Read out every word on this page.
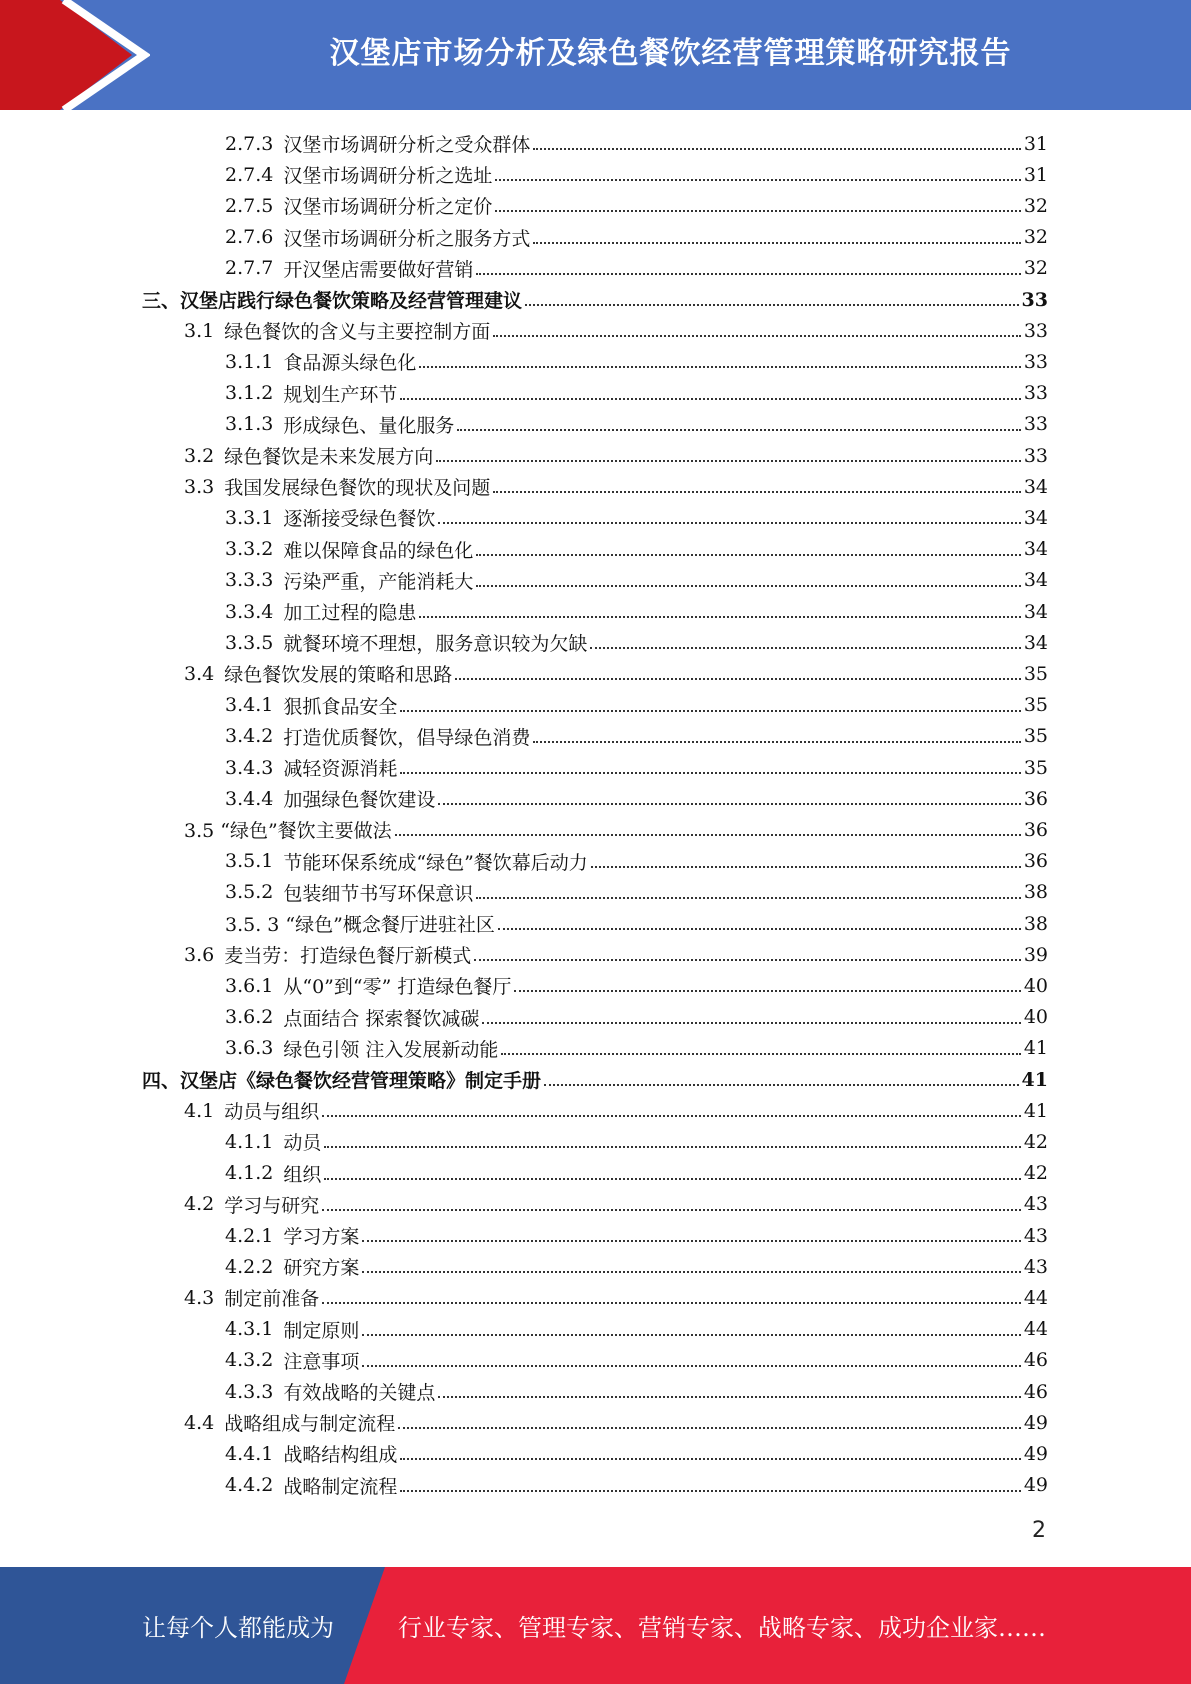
汉堡店市场分析及绿色餐饮经营管理策略研究报告
2.7.3 汉堡市场调研分析之受众群体	31
2.7.4 汉堡市场调研分析之选址	31
2.7.5 汉堡市场调研分析之定价	32
2.7.6 汉堡市场调研分析之服务方式	32
2.7.7 开汉堡店需要做好营销	32
三、汉堡店践行绿色餐饮策略及经营管理建议	33
3.1 绿色餐饮的含义与主要控制方面	33
3.1.1 食品源头绿色化	33
3.1.2 规划生产环节	33
3.1.3 形成绿色、量化服务	33
3.2 绿色餐饮是未来发展方向	33
3.3 我国发展绿色餐饮的现状及问题	34
3.3.1 逐渐接受绿色餐饮	34
3.3.2 难以保障食品的绿色化	34
3.3.3 污染严重，产能消耗大	34
3.3.4 加工过程的隐患	34
3.3.5 就餐环境不理想，服务意识较为欠缺	34
3.4 绿色餐饮发展的策略和思路	35
3.4.1 狠抓食品安全	35
3.4.2 打造优质餐饮，倡导绿色消费	35
3.4.3 减轻资源消耗	35
3.4.4 加强绿色餐饮建设	36
3.5 “绿色”餐饮主要做法	36
3.5.1 节能环保系统成“绿色”餐饮幕后动力	36
3.5.2 包装细节书写环保意识	38
3.5. 3 “绿色”概念餐厅进驻社区	38
3.6 麦当劳：打造绿色餐厅新模式	39
3.6.1 从“0”到“零” 打造绿色餐厅	40
3.6.2 点面结合 探索餐饮减碳	40
3.6.3 绿色引领 注入发展新动能	41
四、汉堡店《绿色餐饮经营管理策略》制定手册	41
4.1 动员与组织	41
4.1.1 动员	42
4.1.2 组织	42
4.2 学习与研究	43
4.2.1 学习方案	43
4.2.2 研究方案	43
4.3 制定前准备	44
4.3.1 制定原则	44
4.3.2 注意事项	46
4.3.3 有效战略的关键点	46
4.4 战略组成与制定流程	49
4.4.1 战略结构组成	49
4.4.2 战略制定流程	49
2
让每个人都能成为	行业专家、管理专家、营销专家、战略专家、成功企业家……
